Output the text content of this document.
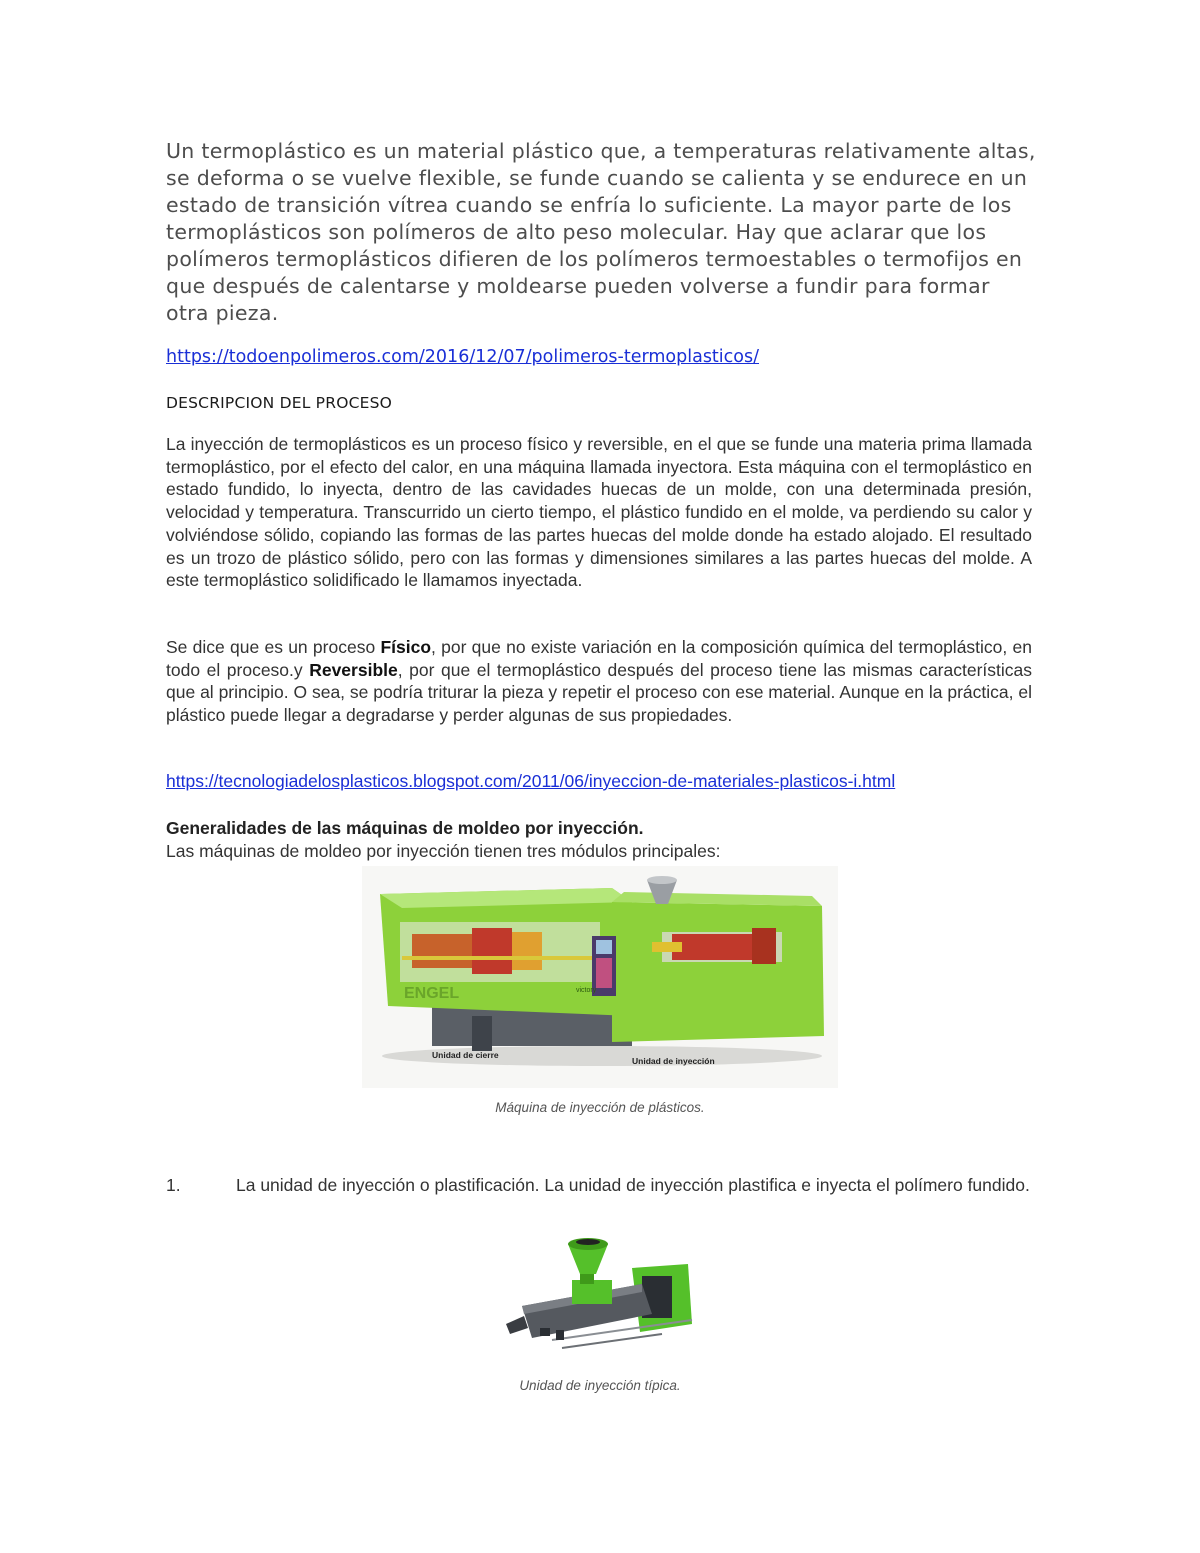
Un termoplástico es un material plástico que, a temperaturas relativamente altas, se deforma o se vuelve flexible, se funde cuando se calienta y se endurece en un estado de transición vítrea cuando se enfría lo suficiente. La mayor parte de los termoplásticos son polímeros de alto peso molecular. Hay que aclarar que los polímeros termoplásticos difieren de los polímeros termoestables o termofijos en que después de calentarse y moldearse pueden volverse a fundir para formar otra pieza.

https://todoenpolimeros.com/2016/12/07/polimeros-termoplasticos/
DESCRIPCION DEL PROCESO

La inyección de termoplásticos es un proceso físico y reversible, en el que se funde una materia prima llamada termoplástico, por el efecto del calor, en una máquina llamada inyectora. Esta máquina con el termoplástico en estado fundido, lo inyecta, dentro de las cavidades huecas de un molde, con una determinada presión, velocidad y temperatura. Transcurrido un cierto tiempo, el plástico fundido en el molde, va perdiendo su calor y volviéndose sólido, copiando las formas de las partes huecas del molde donde ha estado alojado. El resultado es un trozo de plástico sólido, pero con las formas y dimensiones similares a las partes huecas del molde. A este termoplástico solidificado le llamamos inyectada.

Se dice que es un proceso Físico, por que no existe variación en la composición química del termoplástico, en todo el proceso.y Reversible, por que el termoplástico después del proceso tiene las mismas características que al principio. O sea, se podría triturar la pieza y repetir el proceso con ese material. Aunque en la práctica, el plástico puede llegar a degradarse y perder algunas de sus propiedades.

https://tecnologiadelosplasticos.blogspot.com/2011/06/inyeccion-de-materiales-plasticos-i.html
Generalidades de las máquinas de moldeo por inyección.
Las máquinas de moldeo por inyección tienen tres módulos principales:
ENGEL	victory
Unidad de cierre
Unidad de inyección
Máquina de inyección de plásticos.

1.	La unidad de inyección o plastificación. La unidad de inyección plastifica e inyecta el polímero fundido.

Unidad de inyección típica.
